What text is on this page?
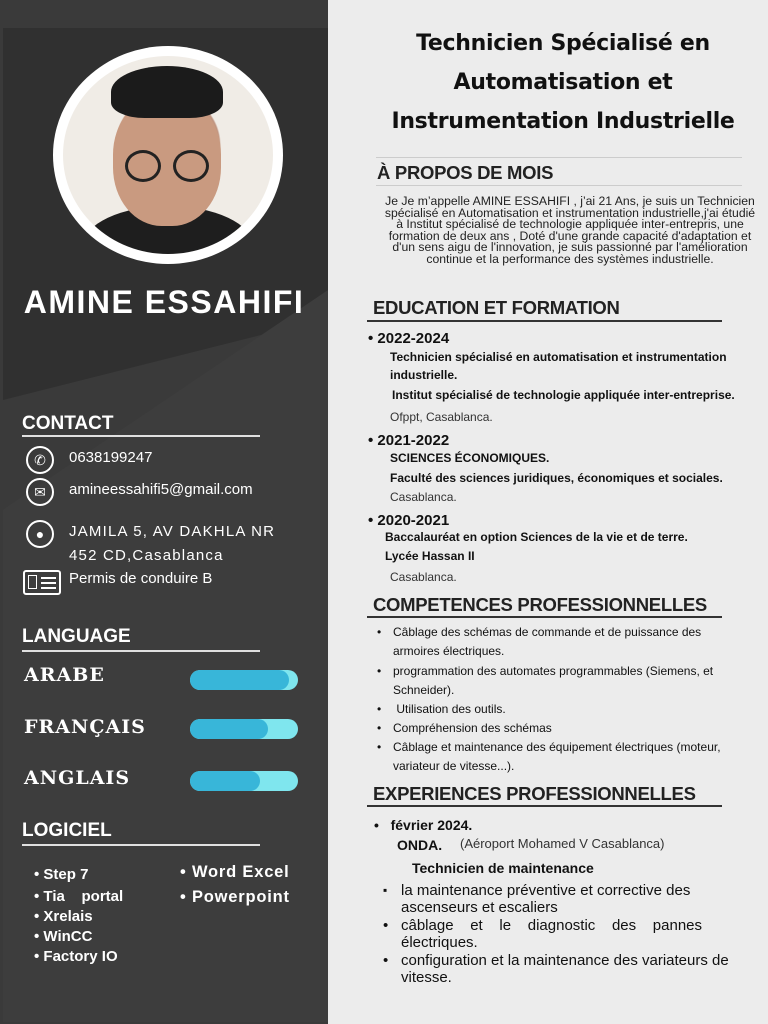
AMINE ESSAHIFI
CONTACT
✆	0638199247
✉	amineessahifi5@gmail.com
●	JAMILA 5, AV DAKHLA NR
452 CD,Casablanca
Permis de conduire B
LANGUAGE
ARABE
FRANÇAIS
ANGLAIS
LOGICIEL
• Step 7
• Tia    portal
• Xrelais
• WinCC
• Factory IO
• Word Excel
• Powerpoint
Technicien Spécialisé en
Automatisation et
Instrumentation Industrielle
À PROPOS DE MOIS
Je Je m’appelle AMINE ESSAHIFI , j’ai 21 Ans, je suis un Technicien spécialisé en Automatisation et instrumentation industrielle,j'ai étudié à Institut spécialisé de technologie appliquée inter-entrepris, une formation de deux ans , Doté d'une grande capacité d'adaptation et d'un sens aigu de l'innovation, je suis passionné par l'amélioration continue et la performance des systèmes industrielle.
EDUCATION ET FORMATION
• 2022-2024
Technicien spécialisé en automatisation et instrumentation industrielle.
Institut spécialisé de technologie appliquée inter-entreprise.
Ofppt, Casablanca.
• 2021-2022
SCIENCES ÉCONOMIQUES.
Faculté des sciences juridiques, économiques et sociales.
Casablanca.
• 2020-2021
Baccalauréat en option Sciences de la vie et de terre.
Lycée Hassan II
Casablanca.
COMPETENCES PROFESSIONNELLES
• Câblage des schémas de commande et de puissance des armoires électriques.
• programmation des automates programmables (Siemens, et Schneider).
• Utilisation des outils.
• Compréhension des schémas
• Câblage et maintenance des équipement électriques (moteur, variateur de vitesse...).
EXPERIENCES PROFESSIONNELLES
•   février 2024.
ONDA. (Aéroport Mohamed V Casablanca)
Technicien de maintenance
▪ la maintenance préventive et corrective des ascenseurs et escaliers
• câblage    et    le    diagnostic    des    pannes électriques.
• configuration et la maintenance des variateurs de vitesse.
